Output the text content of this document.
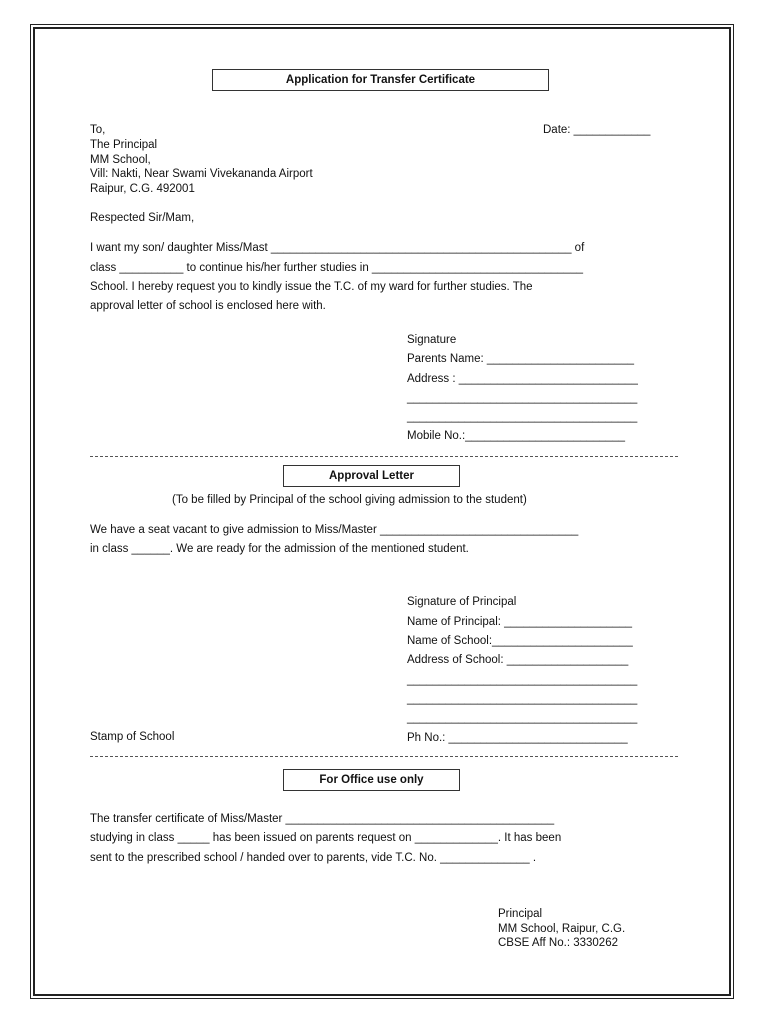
Application for Transfer Certificate
To,
The Principal
MM School,
Vill: Nakti, Near Swami Vivekananda Airport
Raipur, C.G. 492001
Date: ____________
Respected Sir/Mam,
I want my son/ daughter Miss/Mast _______________________________________________ of
class __________ to continue his/her further studies in _________________________________
School. I hereby request you to kindly issue the T.C. of my ward for further studies. The
approval letter of school is enclosed here with.
Signature
Parents Name: _______________________
Address : ____________________________
____________________________________
____________________________________
Mobile No.:_________________________
Approval Letter
(To be filled by Principal of the school giving admission to the student)
We have a seat vacant to give admission to Miss/Master _______________________________
in class ______. We are ready for the admission of the mentioned student.
Signature of Principal
Name of Principal: ____________________
Name of School:______________________
Address of School: ___________________
____________________________________
____________________________________
____________________________________
Ph No.: ____________________________
Stamp of School
For Office use only
The transfer certificate of Miss/Master __________________________________________
studying in class _____ has been issued on parents request on _____________. It has been
sent to the prescribed school / handed over to parents, vide T.C. No. ______________ .
Principal
MM School, Raipur, C.G.
CBSE Aff No.: 3330262
